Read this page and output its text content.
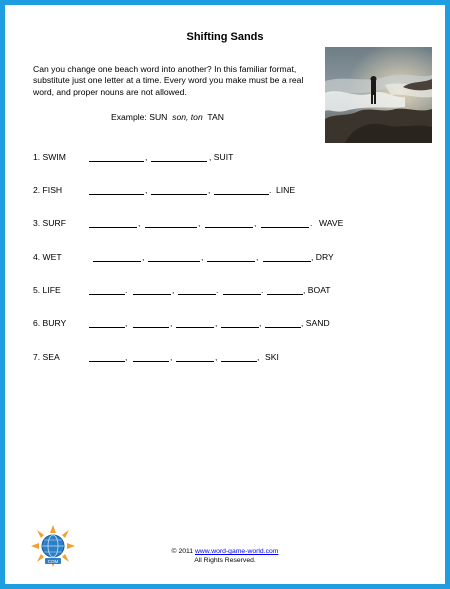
Shifting Sands
Can you change one beach word into another? In this familiar format, substitute just one letter at a time. Every word you make must be a real word, and proper nouns are not allowed.
Example: SUN son, ton TAN
1. SWIM	,	, SUIT
2. FISH	,	,	. LINE
3. SURF	,	,	,	. WAVE
4. WET	,	,	,	, DRY
5. LIFE	.	,	.	.	, BOAT
6. BURY	,	,	,	,	, SAND
7. SEA	,	,	,	, SKI
COM
© 2011 www.word-game-world.com
All Rights Reserved.
